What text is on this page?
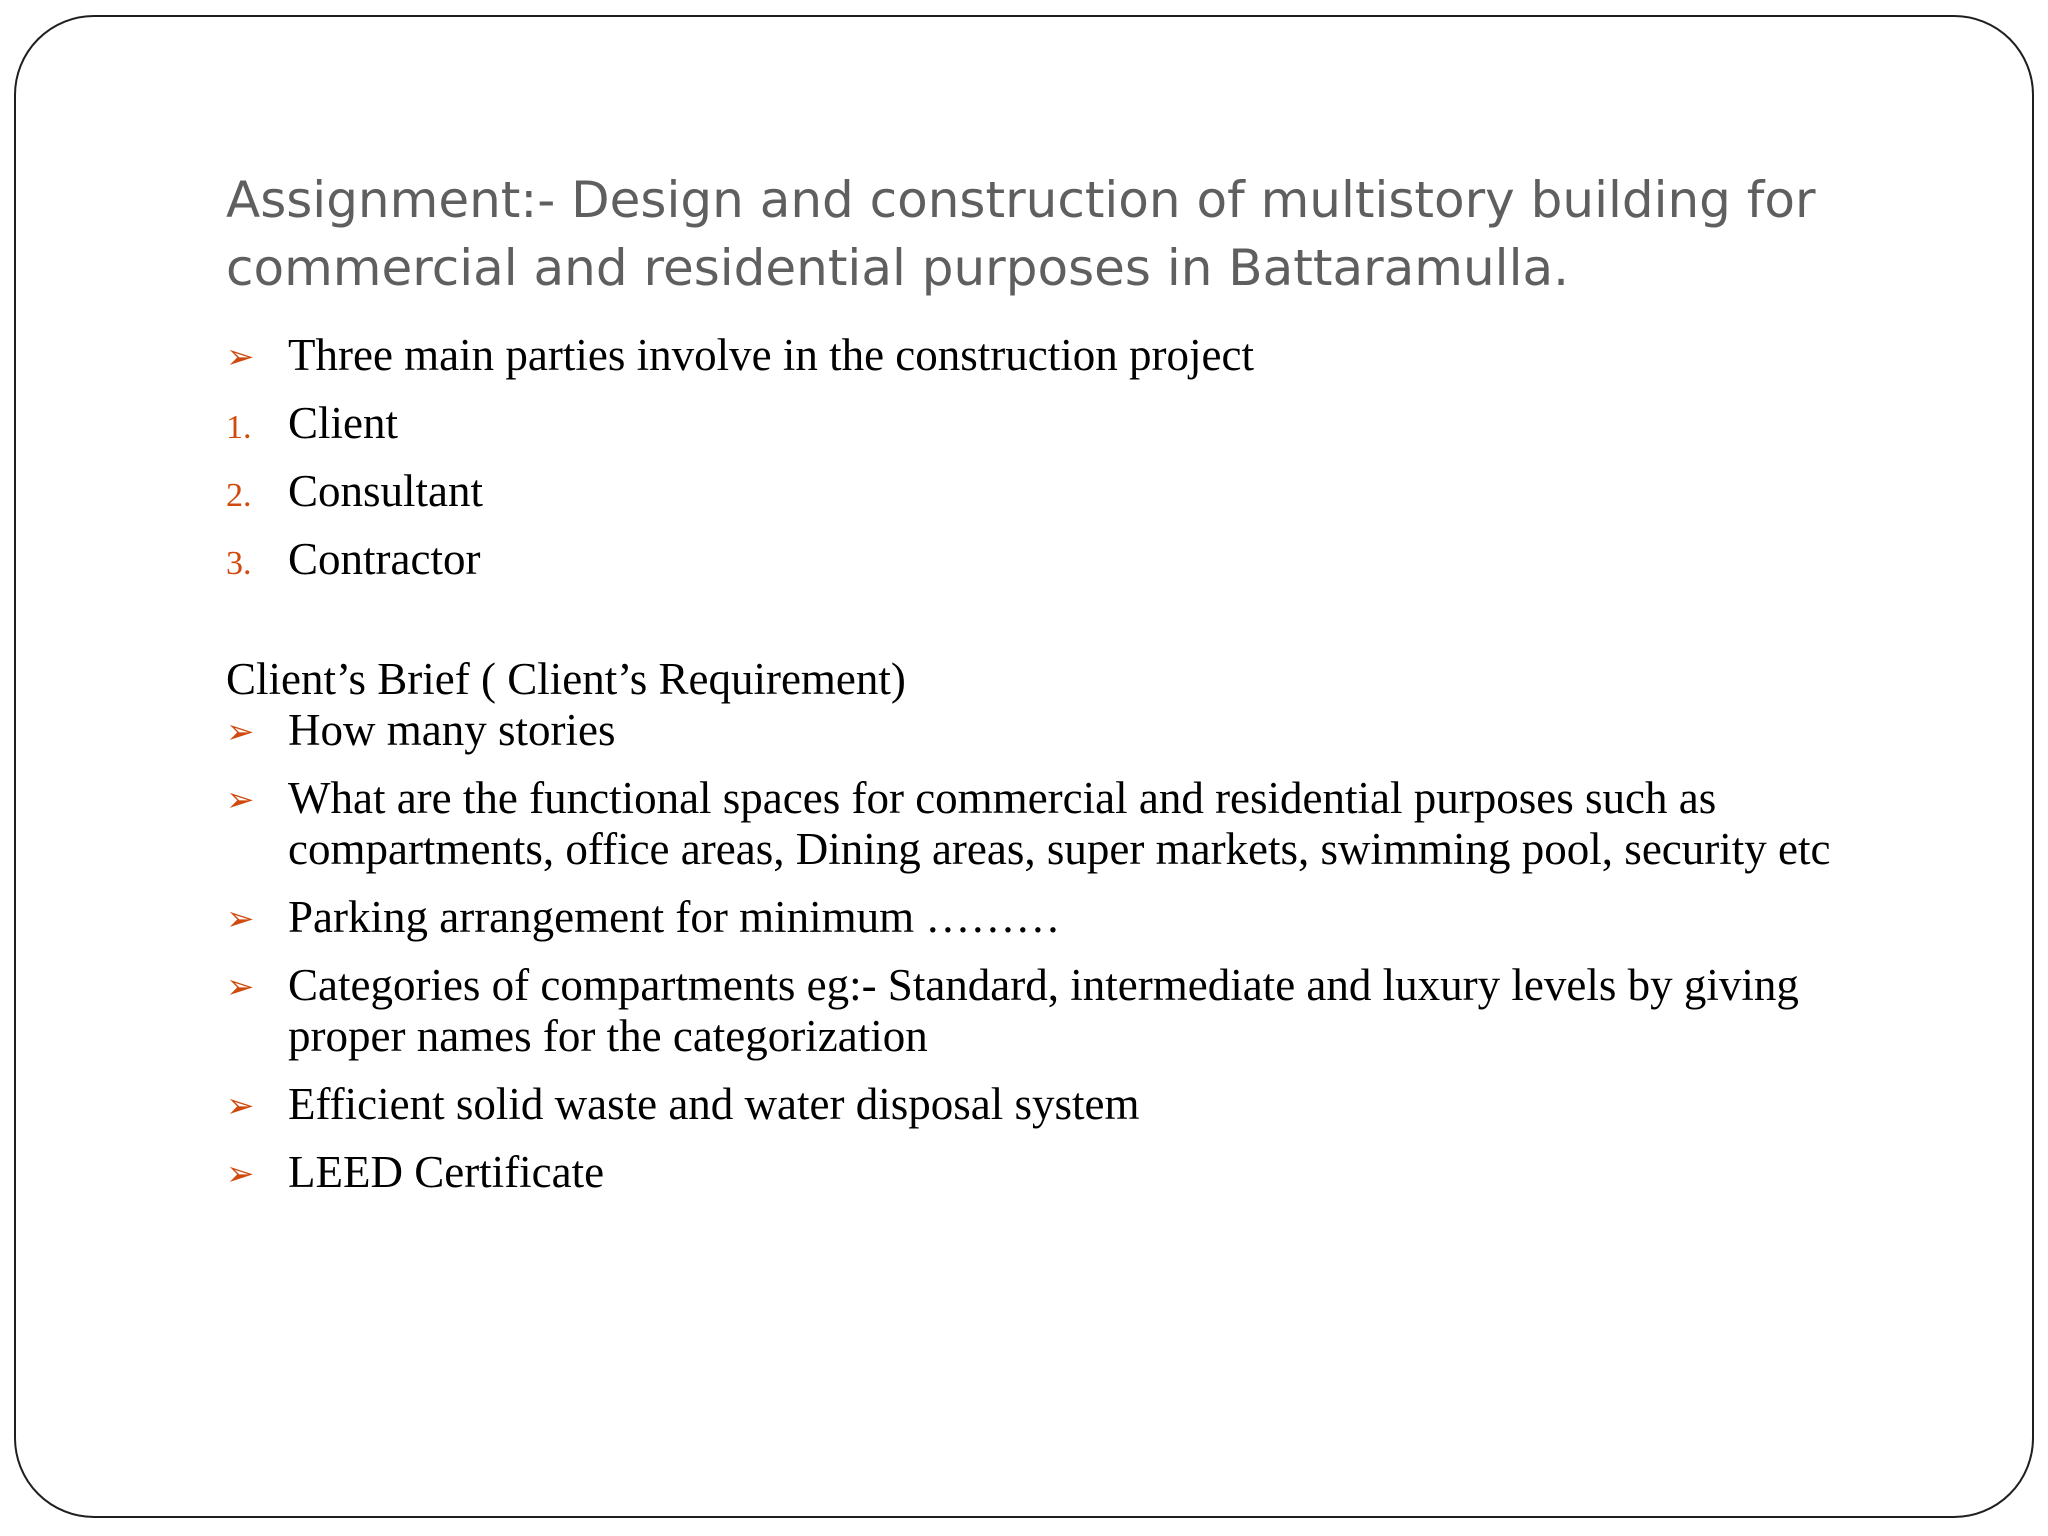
Assignment:- Design and construction of multistory building for commercial and residential purposes in Battaramulla.
➢ Three main parties involve in the construction project
1. Client
2. Consultant
3. Contractor
Client’s Brief ( Client’s Requirement)
➢ How many stories
➢ What are the functional spaces for commercial and residential purposes such as compartments, office areas, Dining areas, super markets, swimming pool, security etc
➢ Parking arrangement for minimum ………
➢ Categories of compartments eg:- Standard, intermediate and luxury levels by giving proper names for the categorization
➢ Efficient solid waste and water disposal system
➢ LEED Certificate
